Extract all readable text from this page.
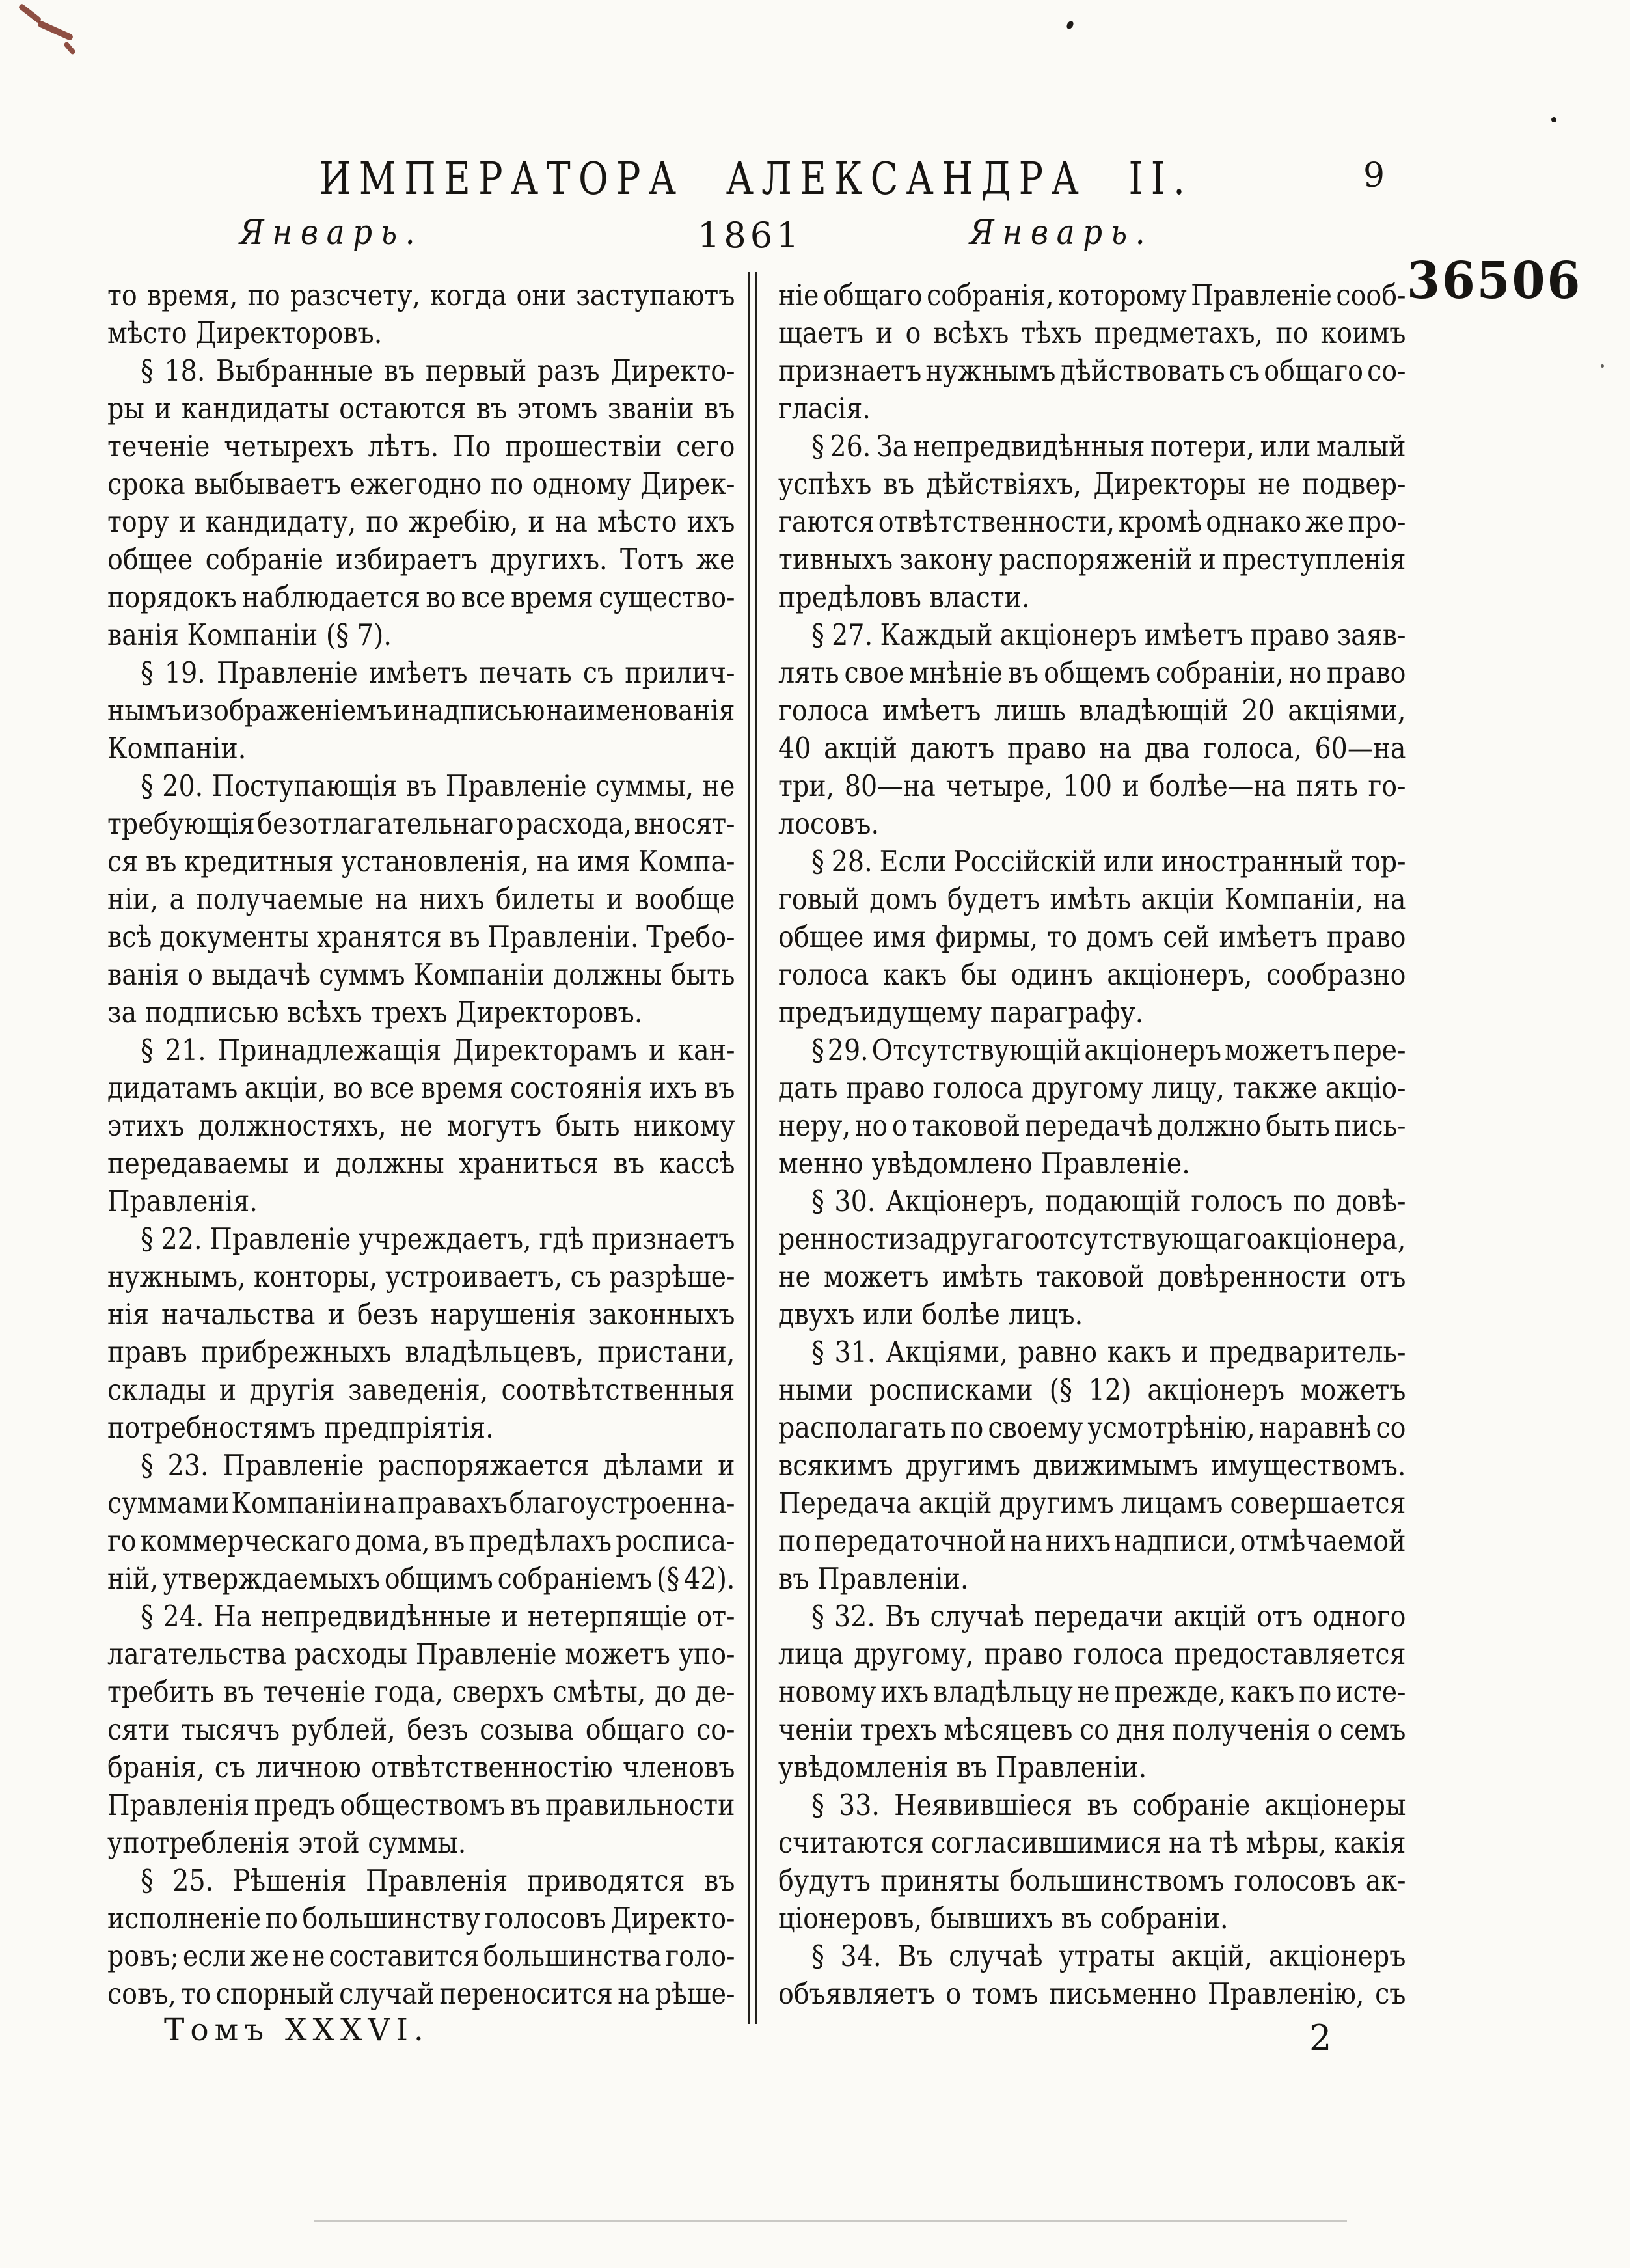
ИМПЕРАТОРА АЛЕКСАНДРА II.	9
Январь.	1861	Январь.
36506
то время, по разсчету, когда они заступаютъ
мѣсто Директоровъ.
§ 18. Выбранные въ первый разъ Директо-
ры и кандидаты остаются въ этомъ званіи въ
теченіе четырехъ лѣтъ. По прошествіи сего
срока выбываетъ ежегодно по одному Дирек-
тору и кандидату, по жребію, и на мѣсто ихъ
общее собраніе избираетъ другихъ. Тотъ же
порядокъ наблюдается во все время существо-
ванія Компаніи (§ 7).
§ 19. Правленіе имѣетъ печать съ прилич-
нымъ изображеніемъ и надписью наименованія
Компаніи.
§ 20. Поступающія въ Правленіе суммы, не
требующія безотлагательнаго расхода, вносят-
ся въ кредитныя установленія, на имя Компа-
ніи, а получаемые на нихъ билеты и вообще
всѣ документы хранятся въ Правленіи. Требо-
ванія о выдачѣ суммъ Компаніи должны быть
за подписью всѣхъ трехъ Директоровъ.
§ 21. Принадлежащія Директорамъ и кан-
дидатамъ акціи, во все время состоянія ихъ въ
этихъ должностяхъ, не могутъ быть никому
передаваемы и должны храниться въ кассѣ
Правленія.
§ 22. Правленіе учреждаетъ, гдѣ признаетъ
нужнымъ, конторы, устроиваетъ, съ разрѣше-
нія начальства и безъ нарушенія законныхъ
правъ прибрежныхъ владѣльцевъ, пристани,
склады и другія заведенія, соотвѣтственныя
потребностямъ предпріятія.
§ 23. Правленіе распоряжается дѣлами и
суммами Компаніи на правахъ благоустроенна-
го коммерческаго дома, въ предѣлахъ росписа-
ній, утверждаемыхъ общимъ собраніемъ (§ 42).
§ 24. На непредвидѣнные и нетерпящіе от-
лагательства расходы Правленіе можетъ упо-
требить въ теченіе года, сверхъ смѣты, до де-
сяти тысячъ рублей, безъ созыва общаго со-
бранія, съ личною отвѣтственностію членовъ
Правленія предъ обществомъ въ правильности
употребленія этой суммы.
§ 25. Рѣшенія Правленія приводятся въ
исполненіе по большинству голосовъ Директо-
ровъ; если же не составится большинства голо-
совъ, то спорный случай переносится на рѣше-
ніе общаго собранія, которому Правленіе сооб-
щаетъ и о всѣхъ тѣхъ предметахъ, по коимъ
признаетъ нужнымъ дѣйствовать съ общаго со-
гласія.
§ 26. За непредвидѣнныя потери, или малый
успѣхъ въ дѣйствіяхъ, Директоры не подвер-
гаются отвѣтственности, кромѣ однако же про-
тивныхъ закону распоряженій и преступленія
предѣловъ власти.
§ 27. Каждый акціонеръ имѣетъ право заяв-
лять свое мнѣніе въ общемъ собраніи, но право
голоса имѣетъ лишь владѣющій 20 акціями,
40 акцій даютъ право на два голоса, 60—на
три, 80—на четыре, 100 и болѣе—на пять го-
лосовъ.
§ 28. Если Россійскій или иностранный тор-
говый домъ будетъ имѣть акціи Компаніи, на
общее имя фирмы, то домъ сей имѣетъ право
голоса какъ бы одинъ акціонеръ, сообразно
предъидущему параграфу.
§ 29. Отсутствующій акціонеръ можетъ пере-
дать право голоса другому лицу, также акціо-
неру, но о таковой передачѣ должно быть пись-
менно увѣдомлено Правленіе.
§ 30. Акціонеръ, подающій голосъ по довѣ-
ренности за другаго отсутствующаго акціонера,
не можетъ имѣть таковой довѣренности отъ
двухъ или болѣе лицъ.
§ 31. Акціями, равно какъ и предваритель-
ными росписками (§ 12) акціонеръ можетъ
располагать по своему усмотрѣнію, наравнѣ со
всякимъ другимъ движимымъ имуществомъ.
Передача акцій другимъ лицамъ совершается
по передаточной на нихъ надписи, отмѣчаемой
въ Правленіи.
§ 32. Въ случаѣ передачи акцій отъ одного
лица другому, право голоса предоставляется
новому ихъ владѣльцу не прежде, какъ по исте-
ченіи трехъ мѣсяцевъ со дня полученія о семъ
увѣдомленія въ Правленіи.
§ 33. Неявившіеся въ собраніе акціонеры
считаются согласившимися на тѣ мѣры, какія
будутъ приняты большинствомъ голосовъ ак-
ціонеровъ, бывшихъ въ собраніи.
§ 34. Въ случаѣ утраты акцій, акціонеръ
объявляетъ о томъ письменно Правленію, съ
Томъ XXXVI.	2
